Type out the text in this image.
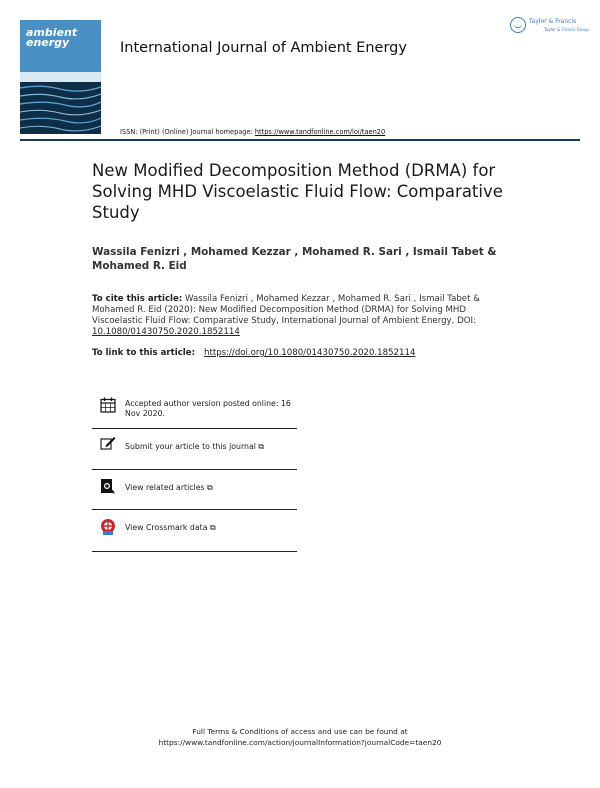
ambient
energy	International Journal of Ambient Energy
ISSN: (Print) (Online) Journal homepage: https://www.tandfonline.com/loi/taen20
Taylor & Francis
Taylor & Francis Group
New Modified Decomposition Method (DRMA) for Solving MHD Viscoelastic Fluid Flow: Comparative Study
Wassila Fenizri , Mohamed Kezzar , Mohamed R. Sari , Ismail Tabet & Mohamed R. Eid
To cite this article: Wassila Fenizri , Mohamed Kezzar , Mohamed R. Sari , Ismail Tabet & Mohamed R. Eid (2020): New Modified Decomposition Method (DRMA) for Solving MHD Viscoelastic Fluid Flow: Comparative Study, International Journal of Ambient Energy, DOI: 10.1080/01430750.2020.1852114
To link to this article: https://doi.org/10.1080/01430750.2020.1852114
Accepted author version posted online: 16 Nov 2020.
Submit your article to this journal ⧉
View related articles ⧉
View Crossmark data ⧉
Full Terms & Conditions of access and use can be found at
https://www.tandfonline.com/action/journalInformation?journalCode=taen20
